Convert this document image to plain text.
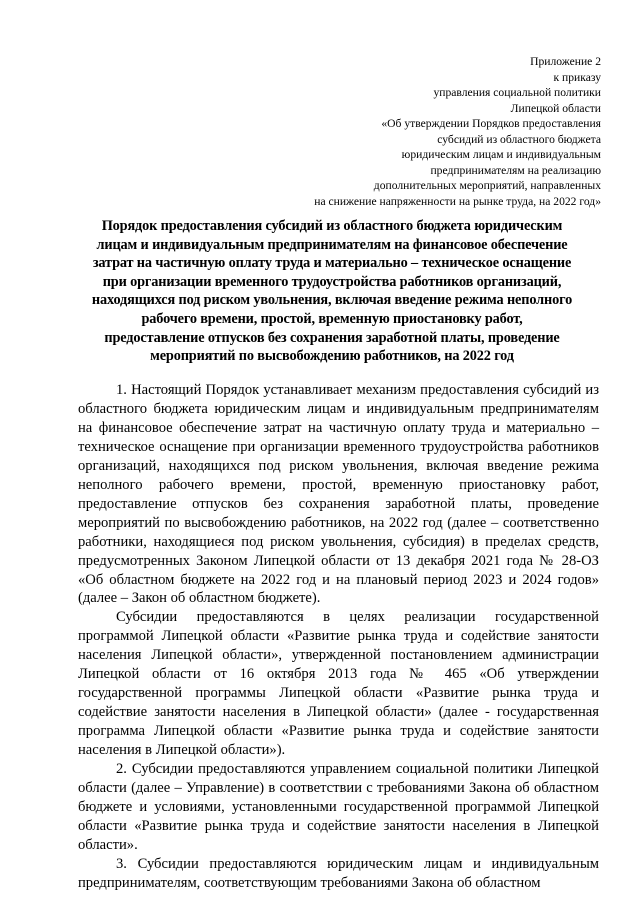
Приложение 2
к приказу
управления социальной политики
Липецкой области
«Об утверждении Порядков предоставления
субсидий из областного бюджета
юридическим лицам и индивидуальным
предпринимателям на реализацию
дополнительных мероприятий, направленных
на снижение напряженности на рынке труда, на 2022 год»
Порядок предоставления субсидий из областного бюджета юридическим
лицам и индивидуальным предпринимателям на финансовое обеспечение
затрат на частичную оплату труда и материально – техническое оснащение
при организации временного трудоустройства работников организаций,
находящихся под риском увольнения, включая введение режима неполного
рабочего времени, простой, временную приостановку работ,
предоставление отпусков без сохранения заработной платы, проведение
мероприятий по высвобождению работников, на 2022 год

1. Настоящий Порядок устанавливает механизм предоставления субсидий из областного бюджета юридическим лицам и индивидуальным предпринимателям на финансовое обеспечение затрат на частичную оплату труда и материально – техническое оснащение при организации временного трудоустройства работников организаций, находящихся под риском увольнения, включая введение режима неполного рабочего времени, простой, временную приостановку работ, предоставление отпусков без сохранения заработной платы, проведение мероприятий по высвобождению работников, на 2022 год (далее – соответственно работники, находящиеся под риском увольнения, субсидия) в пределах средств, предусмотренных Законом Липецкой области от 13 декабря 2021 года № 28-ОЗ «Об областном бюджете на 2022 год и на плановый период 2023 и 2024 годов» (далее – Закон об областном бюджете).

Субсидии предоставляются в целях реализации государственной программой Липецкой области «Развитие рынка труда и содействие занятости населения Липецкой области», утвержденной постановлением администрации Липецкой области от 16 октября 2013 года № 465 «Об утверждении государственной программы Липецкой области «Развитие рынка труда и содействие занятости населения в Липецкой области» (далее - государственная программа Липецкой области «Развитие рынка труда и содействие занятости населения в Липецкой области»).

2. Субсидии предоставляются управлением социальной политики Липецкой области (далее – Управление) в соответствии с требованиями Закона об областном бюджете и условиями, установленными государственной программой Липецкой области «Развитие рынка труда и содействие занятости населения в Липецкой области».

3. Субсидии предоставляются юридическим лицам и индивидуальным предпринимателям, соответствующим требованиями Закона об областном
